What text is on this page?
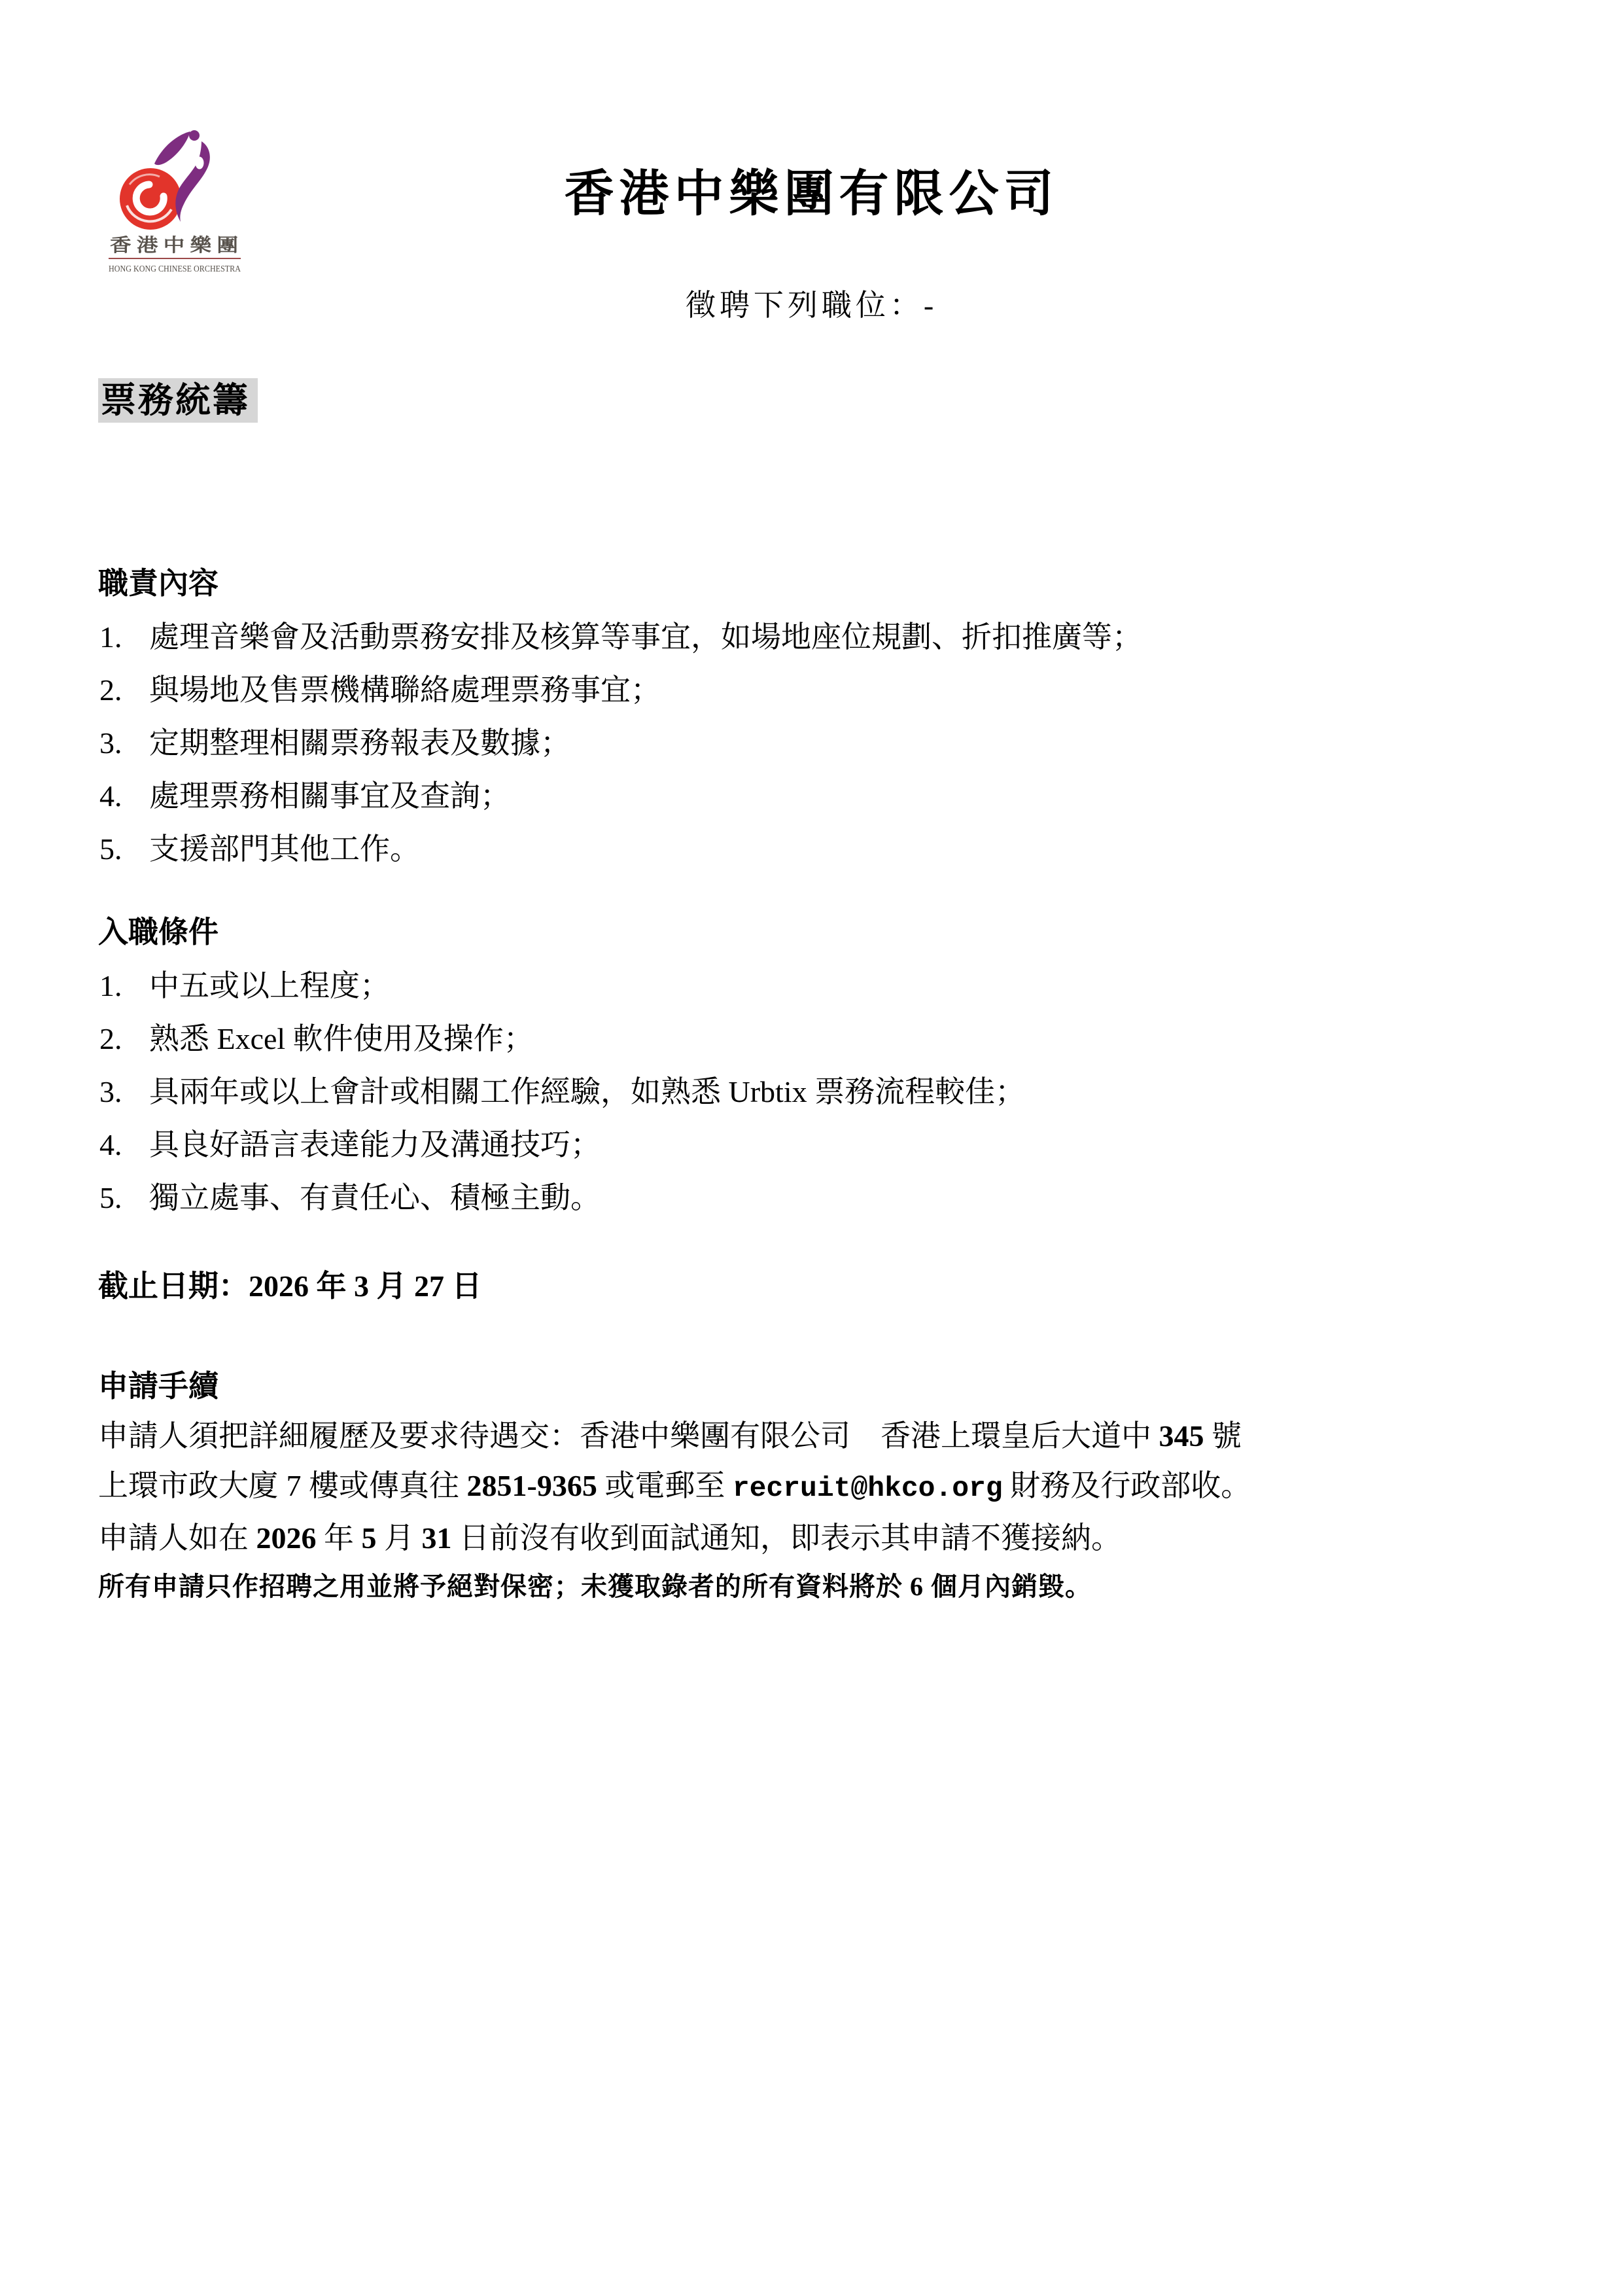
香 港 中 樂 團
HONG KONG CHINESE ORCHESTRA
香港中樂團有限公司
徵聘下列職位：-
票務統籌
職責內容
1. 處理音樂會及活動票務安排及核算等事宜，如場地座位規劃、折扣推廣等；
2. 與場地及售票機構聯絡處理票務事宜；
3. 定期整理相關票務報表及數據；
4. 處理票務相關事宜及查詢；
5. 支援部門其他工作。
入職條件
1. 中五或以上程度；
2. 熟悉 Excel 軟件使用及操作；
3. 具兩年或以上會計或相關工作經驗，如熟悉 Urbtix 票務流程較佳；
4. 具良好語言表達能力及溝通技巧；
5. 獨立處事、有責任心、積極主動。
截止日期：2026 年 3 月 27 日
申請手續
申請人須把詳細履歷及要求待遇交：香港中樂團有限公司　香港上環皇后大道中 345 號
上環市政大廈 7 樓或傳真往 2851-9365 或電郵至 recruit@hkco.org 財務及行政部收。
申請人如在 2026 年 5 月 31 日前沒有收到面試通知，即表示其申請不獲接納。
所有申請只作招聘之用並將予絕對保密；未獲取錄者的所有資料將於 6 個月內銷毀。
